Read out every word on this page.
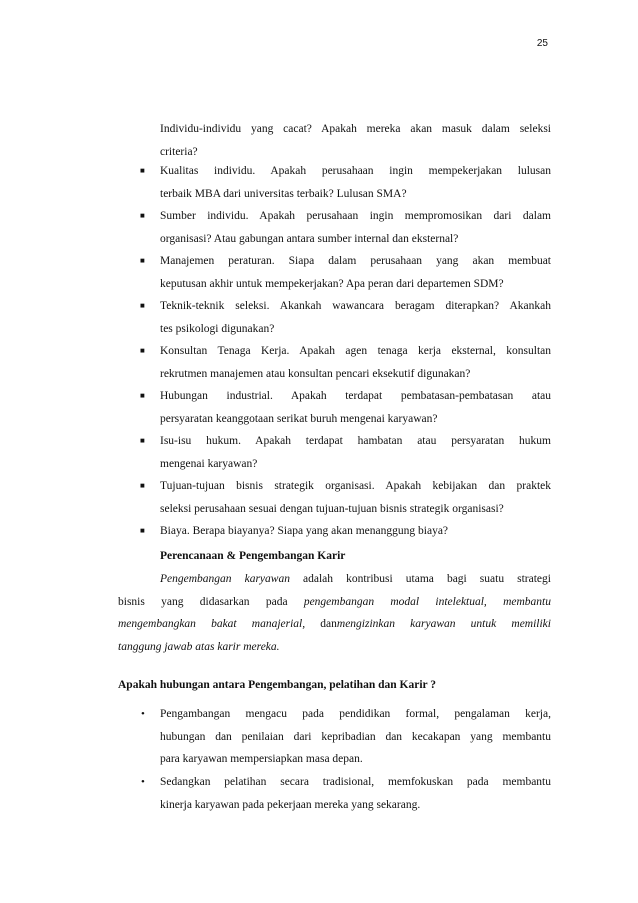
25
Individu-individu yang cacat? Apakah mereka akan masuk dalam seleksi
criteria?
■ Kualitas individu. Apakah perusahaan ingin mempekerjakan lulusan
terbaik MBA dari universitas terbaik? Lulusan SMA?
■ Sumber individu. Apakah perusahaan ingin mempromosikan dari dalam
organisasi? Atau gabungan antara sumber internal dan eksternal?
■ Manajemen peraturan. Siapa dalam perusahaan yang akan membuat
keputusan akhir untuk mempekerjakan? Apa peran dari departemen SDM?
■ Teknik-teknik seleksi. Akankah wawancara beragam diterapkan? Akankah
tes psikologi digunakan?
■ Konsultan Tenaga Kerja. Apakah agen tenaga kerja eksternal, konsultan
rekrutmen manajemen atau konsultan pencari eksekutif digunakan?
■ Hubungan industrial. Apakah terdapat pembatasan-pembatasan atau
persyaratan keanggotaan serikat buruh mengenai karyawan?
■ Isu-isu hukum. Apakah terdapat hambatan atau persyaratan hukum
mengenai karyawan?
■ Tujuan-tujuan bisnis strategik organisasi. Apakah kebijakan dan praktek
seleksi perusahaan sesuai dengan tujuan-tujuan bisnis strategik organisasi?
■ Biaya. Berapa biayanya? Siapa yang akan menanggung biaya?
Perencanaan & Pengembangan Karir
Pengembangan karyawan adalah kontribusi utama bagi suatu strategi
bisnis yang didasarkan pada pengembangan modal intelektual, membantu
mengembangkan bakat manajerial, danmengizinkan karyawan untuk memiliki
tanggung jawab atas karir mereka.
Apakah hubungan antara Pengembangan, pelatihan dan Karir ?
• Pengambangan mengacu pada pendidikan formal, pengalaman kerja,
hubungan dan penilaian dari kepribadian dan kecakapan yang membantu
para karyawan mempersiapkan masa depan.
• Sedangkan pelatihan secara tradisional, memfokuskan pada membantu
kinerja karyawan pada pekerjaan mereka yang sekarang.
